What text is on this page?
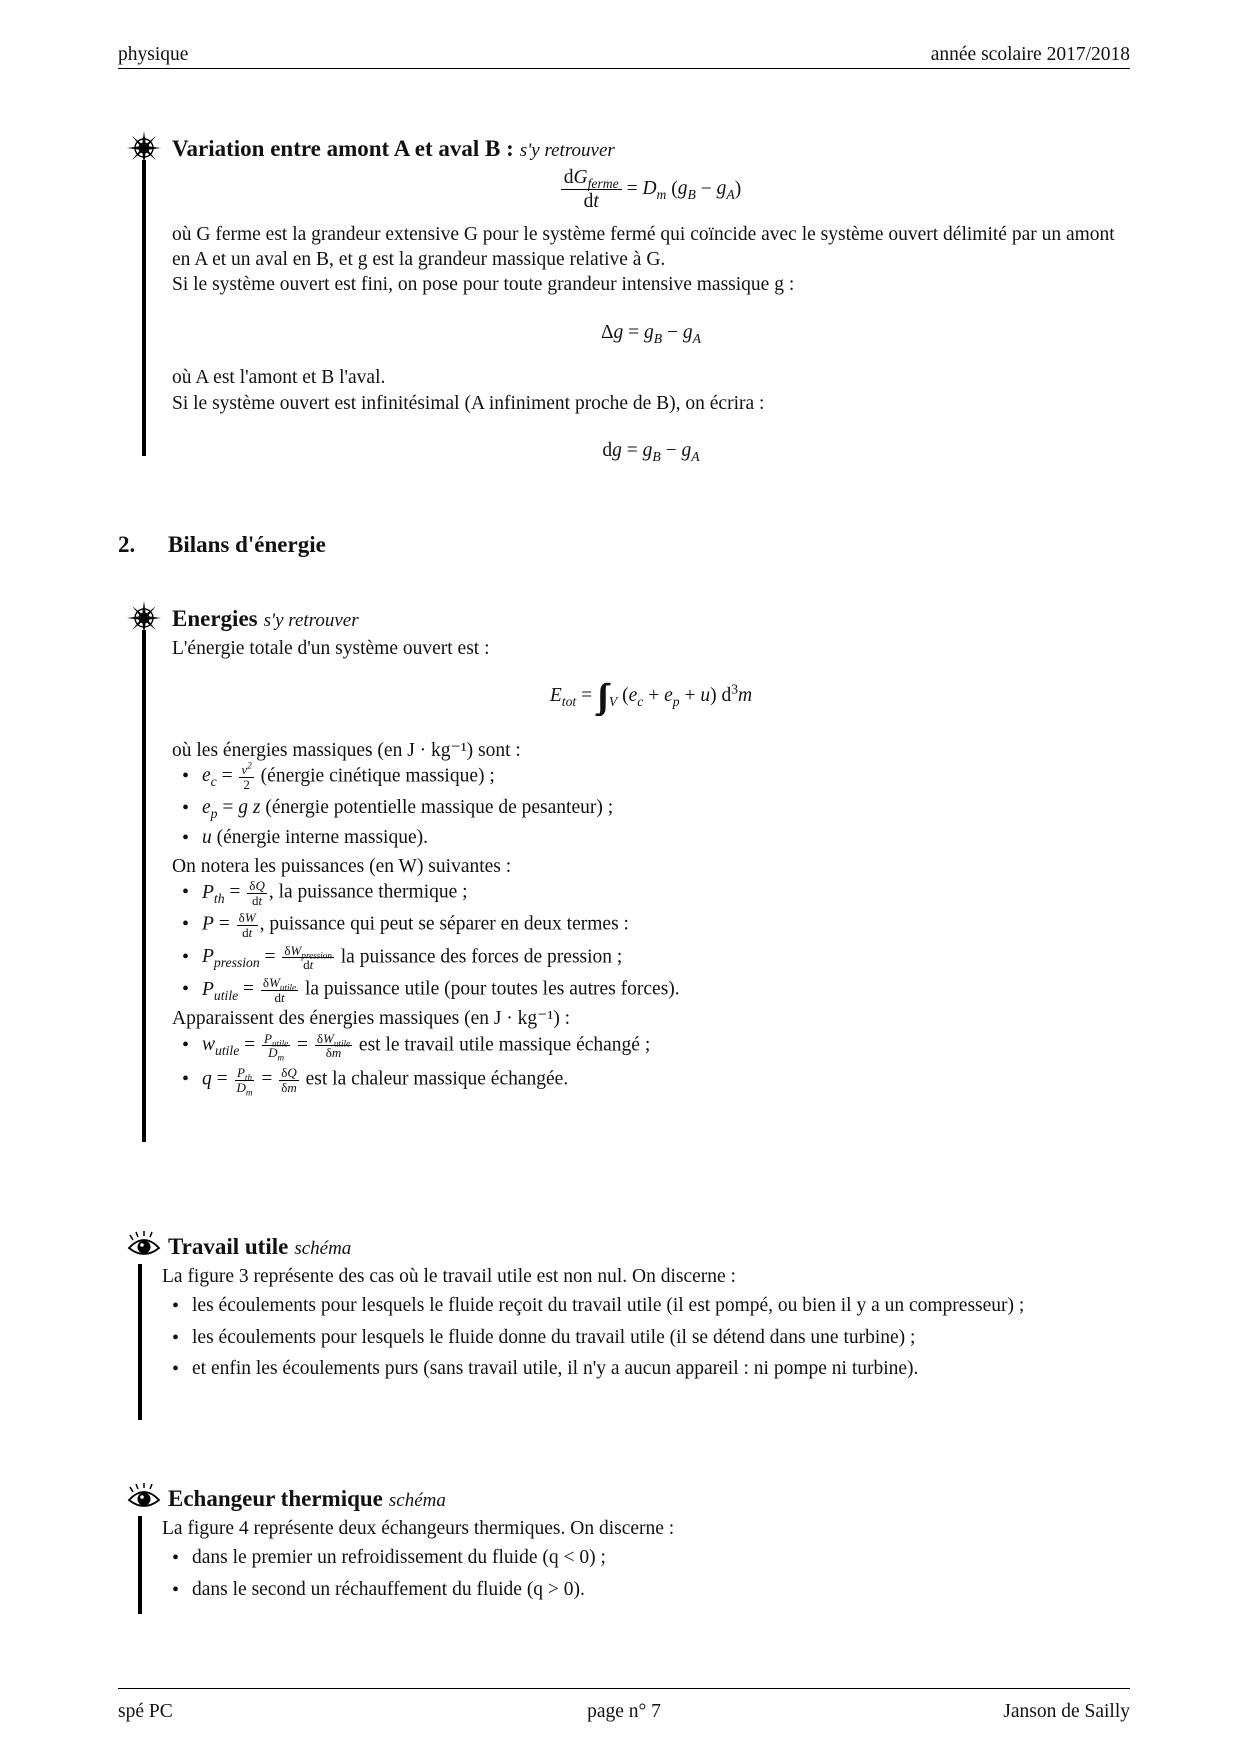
physique	année scolaire 2017/2018
Variation entre amont A et aval B : s'y retrouver

$dG_{ferme}$
dt
= $D_m$ $(g_B - g_A)$

où G ferme est la grandeur extensive G pour le système fermé qui coïncide avec le système ouvert délimité par un amont en A et un aval en B, et g est la grandeur massique relative à G.

Si le système ouvert est fini, on pose pour toute grandeur intensive massique g :

$\Delta g = g_B - g_A$

où A est l'amont et B l'aval.

Si le système ouvert est infinitésimal (A infiniment proche de B), on écrira :

dg = $g_B - g_A$

2. Bilans d'énergie
Energies s'y retrouver

L'énergie totale d'un système ouvert est :

$E_{tot}$ = ∫∫∫ $_V$ $(e_c + e_p + u)$ $d^3m$

où les énergies massiques (en J · kg⁻¹) sont :

• $e_c = \frac{v^2}{2}$ (énergie cinétique massique) ;
• $e_p = g$ z (énergie potentielle massique de pesanteur) ;
• u (énergie interne massique).

On notera les puissances (en W) suivantes :

• $P_{th} = \frac{\delta Q}{dt}$ , la puissance thermique ;
• $P = \frac{\delta W}{dt}$ , puissance qui peut se séparer en deux termes :
• $P_{pression} = \frac{\delta W_{pression}}{dt}$ la puissance des forces de pression ;
• $P_{utile} = \frac{\delta W_{utile}}{dt}$ la puissance utile (pour toutes les autres forces).

Apparaissent des énergies massiques (en J · kg⁻¹) :

• $w_{utile} = \frac{P_{utile}}{D_m} = \frac{\delta W_{utile}}{\delta m}$ est le travail utile massique échangé ;
• $q = \frac{P_{th}}{D_m} = \frac{\delta Q}{\delta m}$ est la chaleur massique échangée.
Travail utile schéma

La figure 3 représente des cas où le travail utile est non nul. On discerne :

• les écoulements pour lesquels le fluide reçoit du travail utile (il est pompé, ou bien il y a un compresseur) ;
• les écoulements pour lesquels le fluide donne du travail utile (il se détend dans une turbine) ;
• et enfin les écoulements purs (sans travail utile, il n'y a aucun appareil : ni pompe ni turbine).
Echangeur thermique schéma

La figure 4 représente deux échangeurs thermiques. On discerne :

• dans le premier un refroidissement du fluide (q < 0) ;
• dans le second un réchauffement du fluide (q > 0).
spé PC	page n° 7	Janson de Sailly
